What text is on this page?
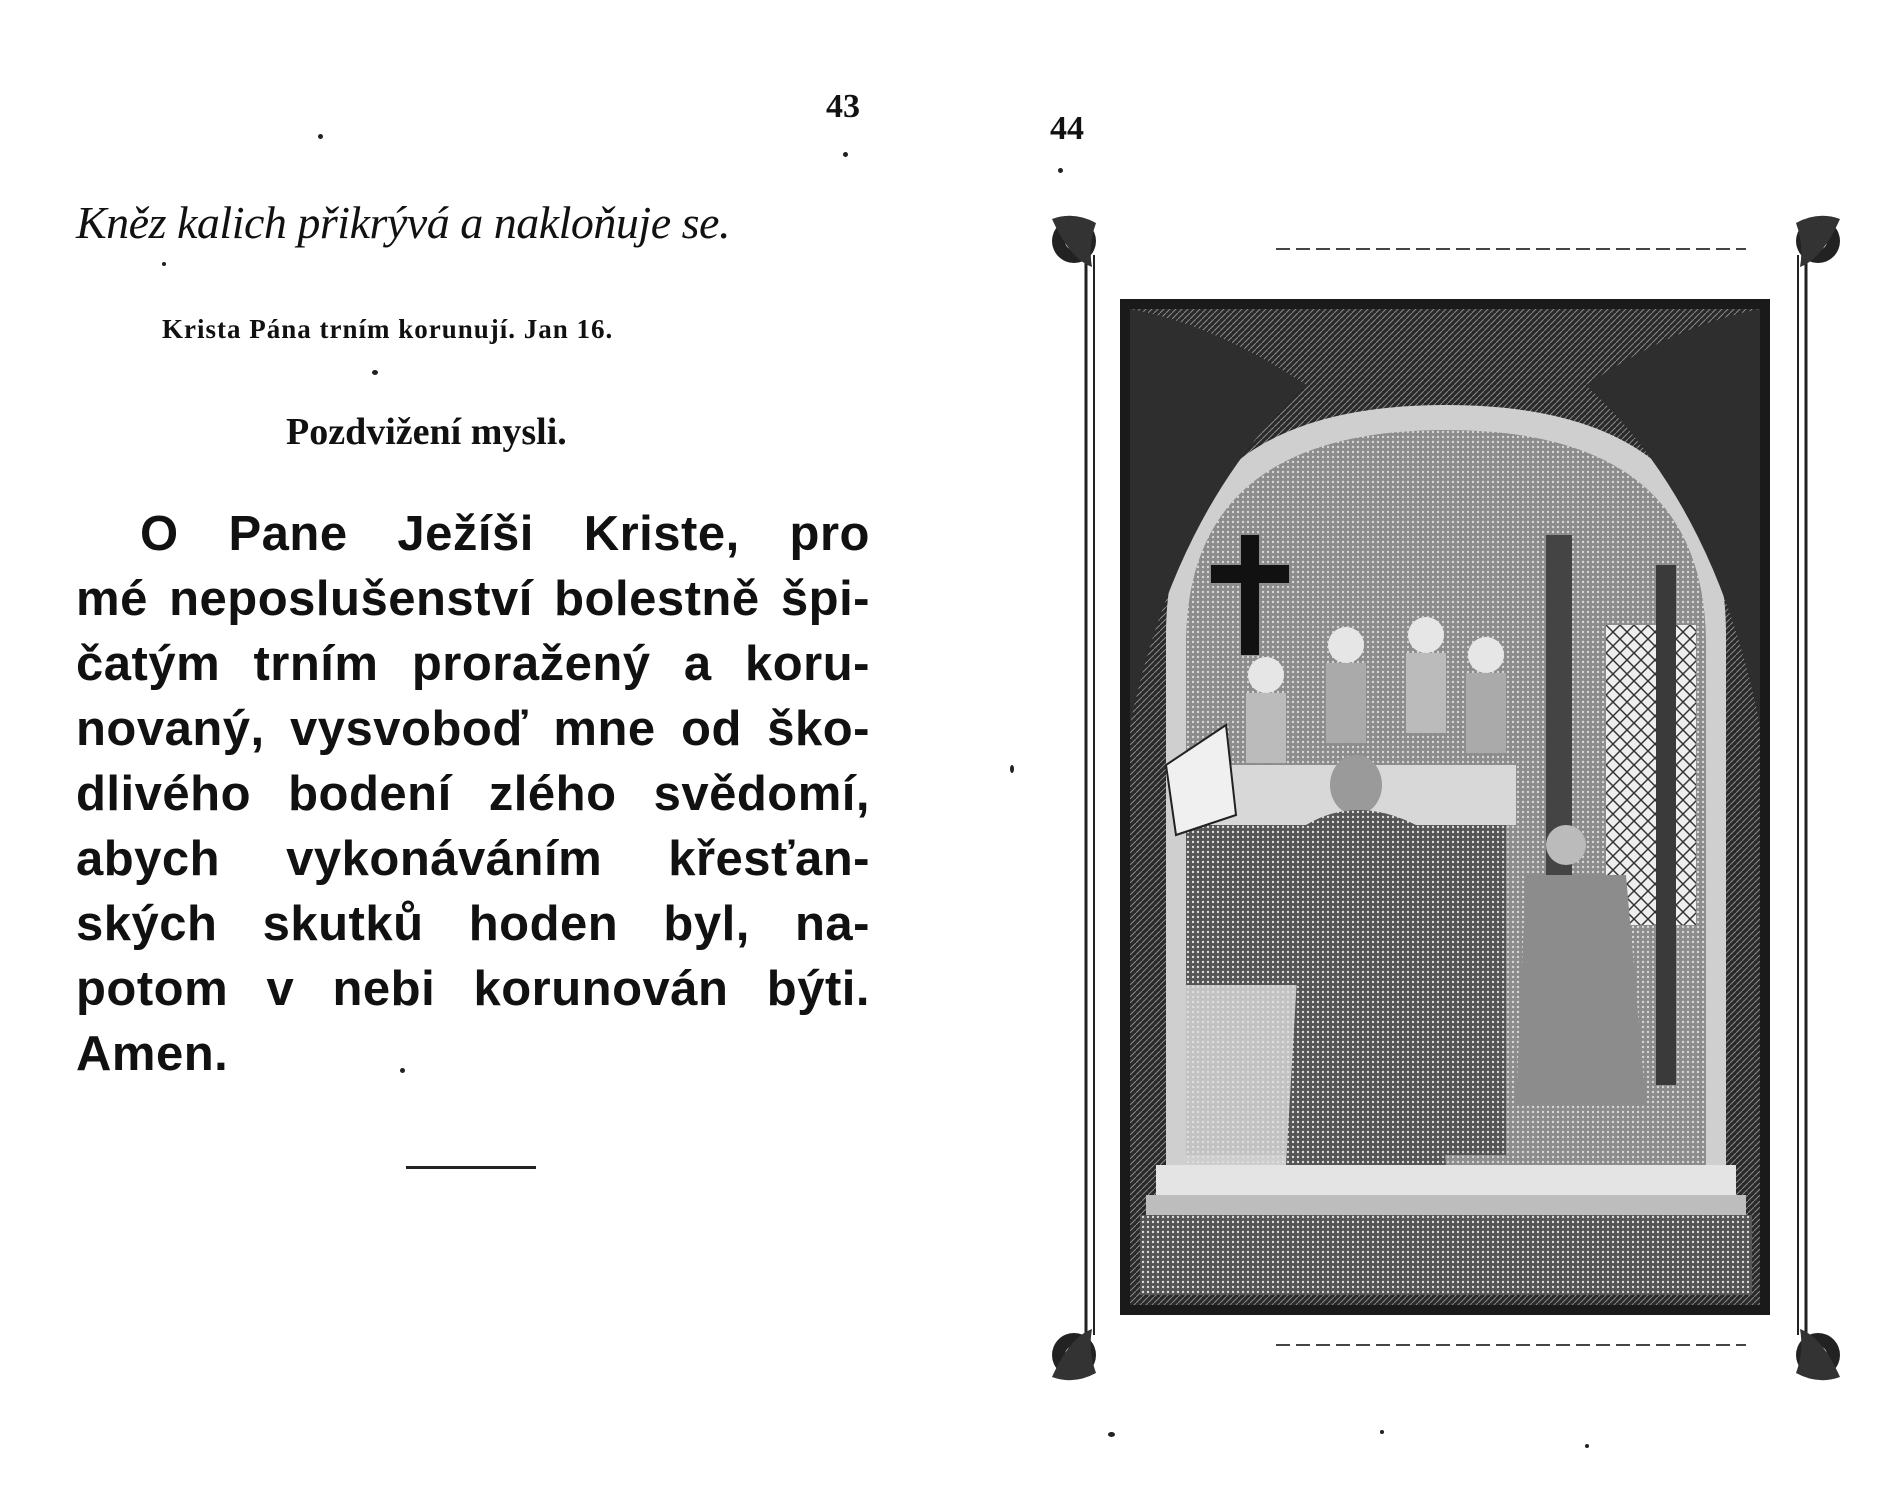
43
44
Kněz kalich přikrývá a nakloňuje se.
Krista Pána trním korunují. Jan 16.
Pozdvižení mysli.
O Pane Ježíši Kriste, pro
mé neposlušenství bolestně špi-
čatým trním proražený a koru-
novaný, vysvoboď mne od ško-
dlivého bodení zlého svědomí,
abych vykonáváním křesťan-
ských skutků hoden byl, na-
potom v nebi korunován býti.
Amen.
